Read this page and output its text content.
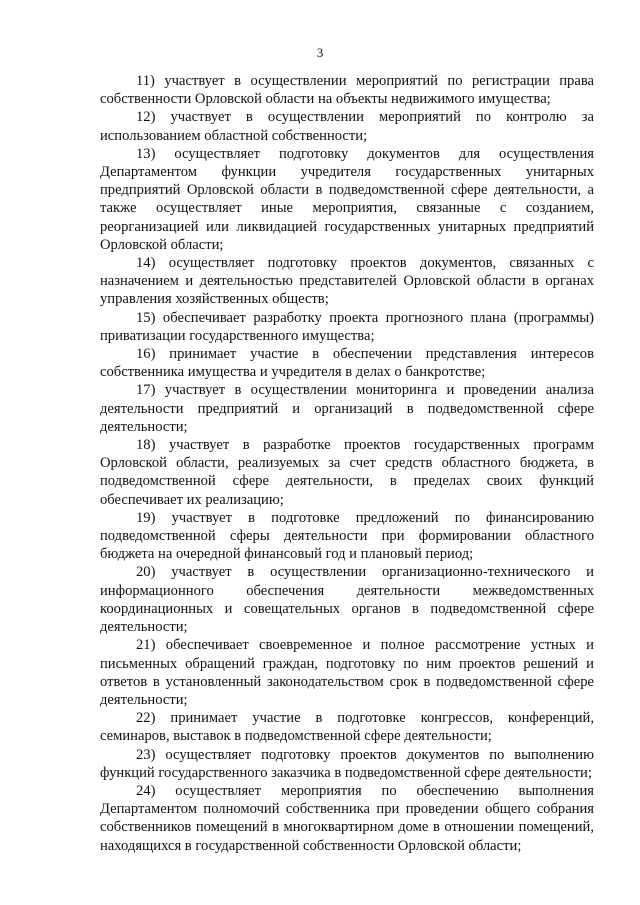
3

11) участвует в осуществлении мероприятий по регистрации права собственности Орловской области на объекты недвижимого имущества;

12) участвует в осуществлении мероприятий по контролю за использованием областной собственности;

13) осуществляет подготовку документов для осуществления Департаментом функции учредителя государственных унитарных предприятий Орловской области в подведомственной сфере деятельности, а также осуществляет иные мероприятия, связанные с созданием, реорганизацией или ликвидацией государственных унитарных предприятий Орловской области;

14) осуществляет подготовку проектов документов, связанных с назначением и деятельностью представителей Орловской области в органах управления хозяйственных обществ;

15) обеспечивает разработку проекта прогнозного плана (программы) приватизации государственного имущества;

16) принимает участие в обеспечении представления интересов собственника имущества и учредителя в делах о банкротстве;

17) участвует в осуществлении мониторинга и проведении анализа деятельности предприятий и организаций в подведомственной сфере деятельности;

18) участвует в разработке проектов государственных программ Орловской области, реализуемых за счет средств областного бюджета, в подведомственной сфере деятельности, в пределах своих функций обеспечивает их реализацию;

19) участвует в подготовке предложений по финансированию подведомственной сферы деятельности при формировании областного бюджета на очередной финансовый год и плановый период;

20) участвует в осуществлении организационно-технического и информационного обеспечения деятельности межведомственных координационных и совещательных органов в подведомственной сфере деятельности;

21) обеспечивает своевременное и полное рассмотрение устных и письменных обращений граждан, подготовку по ним проектов решений и ответов в установленный законодательством срок в подведомственной сфере деятельности;

22) принимает участие в подготовке конгрессов, конференций, семинаров, выставок в подведомственной сфере деятельности;

23) осуществляет подготовку проектов документов по выполнению функций государственного заказчика в подведомственной сфере деятельности;

24) осуществляет мероприятия по обеспечению выполнения Департаментом полномочий собственника при проведении общего собрания собственников помещений в многоквартирном доме в отношении помещений, находящихся в государственной собственности Орловской области;
